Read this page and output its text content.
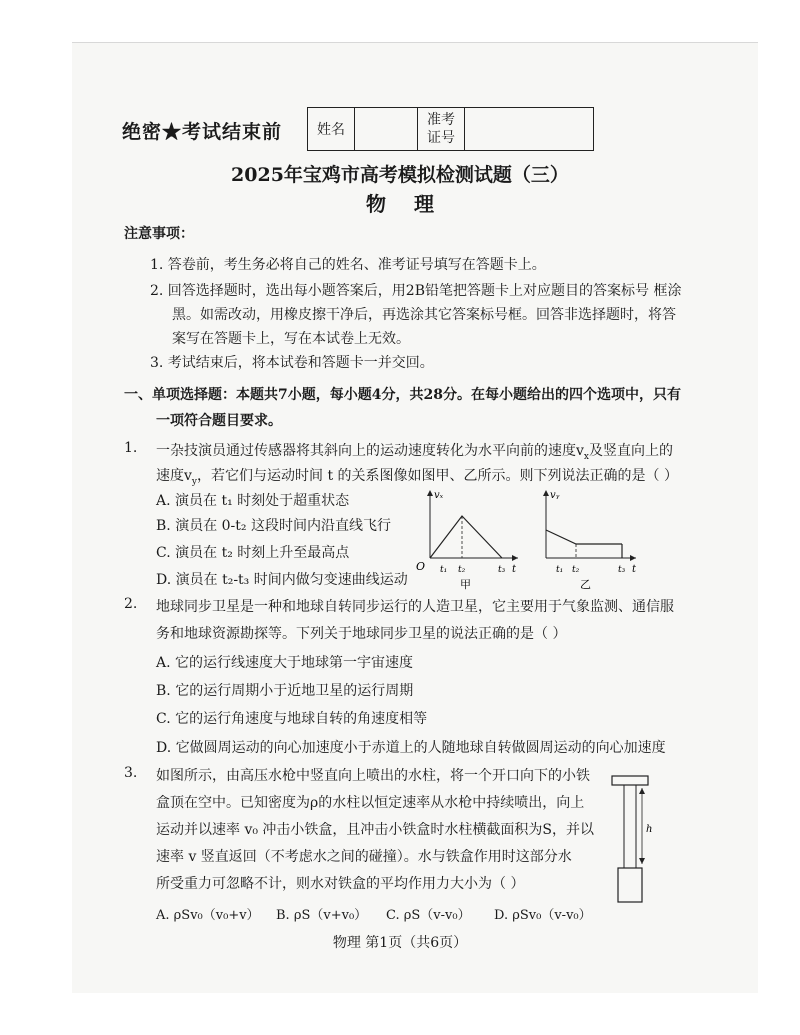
绝密★考试结束前 姓名		准考
证号	
2025年宝鸡市高考模拟检测试题（三）
物理
注意事项：
1. 答卷前，考生务必将自己的姓名、准考证号填写在答题卡上。
2. 回答选择题时，选出每小题答案后，用2B铅笔把答题卡上对应题目的答案标号 框涂
黑。如需改动，用橡皮擦干净后，再选涂其它答案标号框。回答非选择题时，将答
案写在答题卡上，写在本试卷上无效。
3. 考试结束后，将本试卷和答题卡一并交回。
一、单项选择题：本题共7小题，每小题4分，共28分。在每小题给出的四个选项中，只有
一项符合题目要求。
1. 一杂技演员通过传感器将其斜向上的运动速度转化为水平向前的速度$v_x$及竖直向上的
速度$v_y$，若它们与运动时间 t 的关系图像如图甲、乙所示。则下列说法正确的是（ ）
A. 演员在 t₁ 时刻处于超重状态
B. 演员在 0-t₂ 这段时间内沿直线飞行
C. 演员在 t₂ 时刻上升至最高点
D. 演员在 t₂-t₃ 时间内做匀变速曲线运动
vₓ
O t₁ t₂	t₃ t
甲
vᵧ
t₁ t₂	t₃ t
乙
2. 地球同步卫星是一种和地球自转同步运行的人造卫星，它主要用于气象监测、通信服
务和地球资源勘探等。下列关于地球同步卫星的说法正确的是（ ）
A. 它的运行线速度大于地球第一宇宙速度
B. 它的运行周期小于近地卫星的运行周期
C. 它的运行角速度与地球自转的角速度相等
D. 它做圆周运动的向心加速度小于赤道上的人随地球自转做圆周运动的向心加速度
3. 如图所示，由高压水枪中竖直向上喷出的水柱，将一个开口向下的小铁
盒顶在空中。已知密度为ρ的水柱以恒定速率从水枪中持续喷出，向上
运动并以速率 v₀ 冲击小铁盒，且冲击小铁盒时水柱横截面积为S，并以
速率 v 竖直返回（不考虑水之间的碰撞）。水与铁盒作用时这部分水
所受重力可忽略不计，则水对铁盒的平均作用力大小为（ ）
A. ρSv₀（v₀+v） B. ρS（v+v₀） C. ρS（v-v₀） D. ρSv₀（v-v₀）
h
物理 第1页（共6页）
